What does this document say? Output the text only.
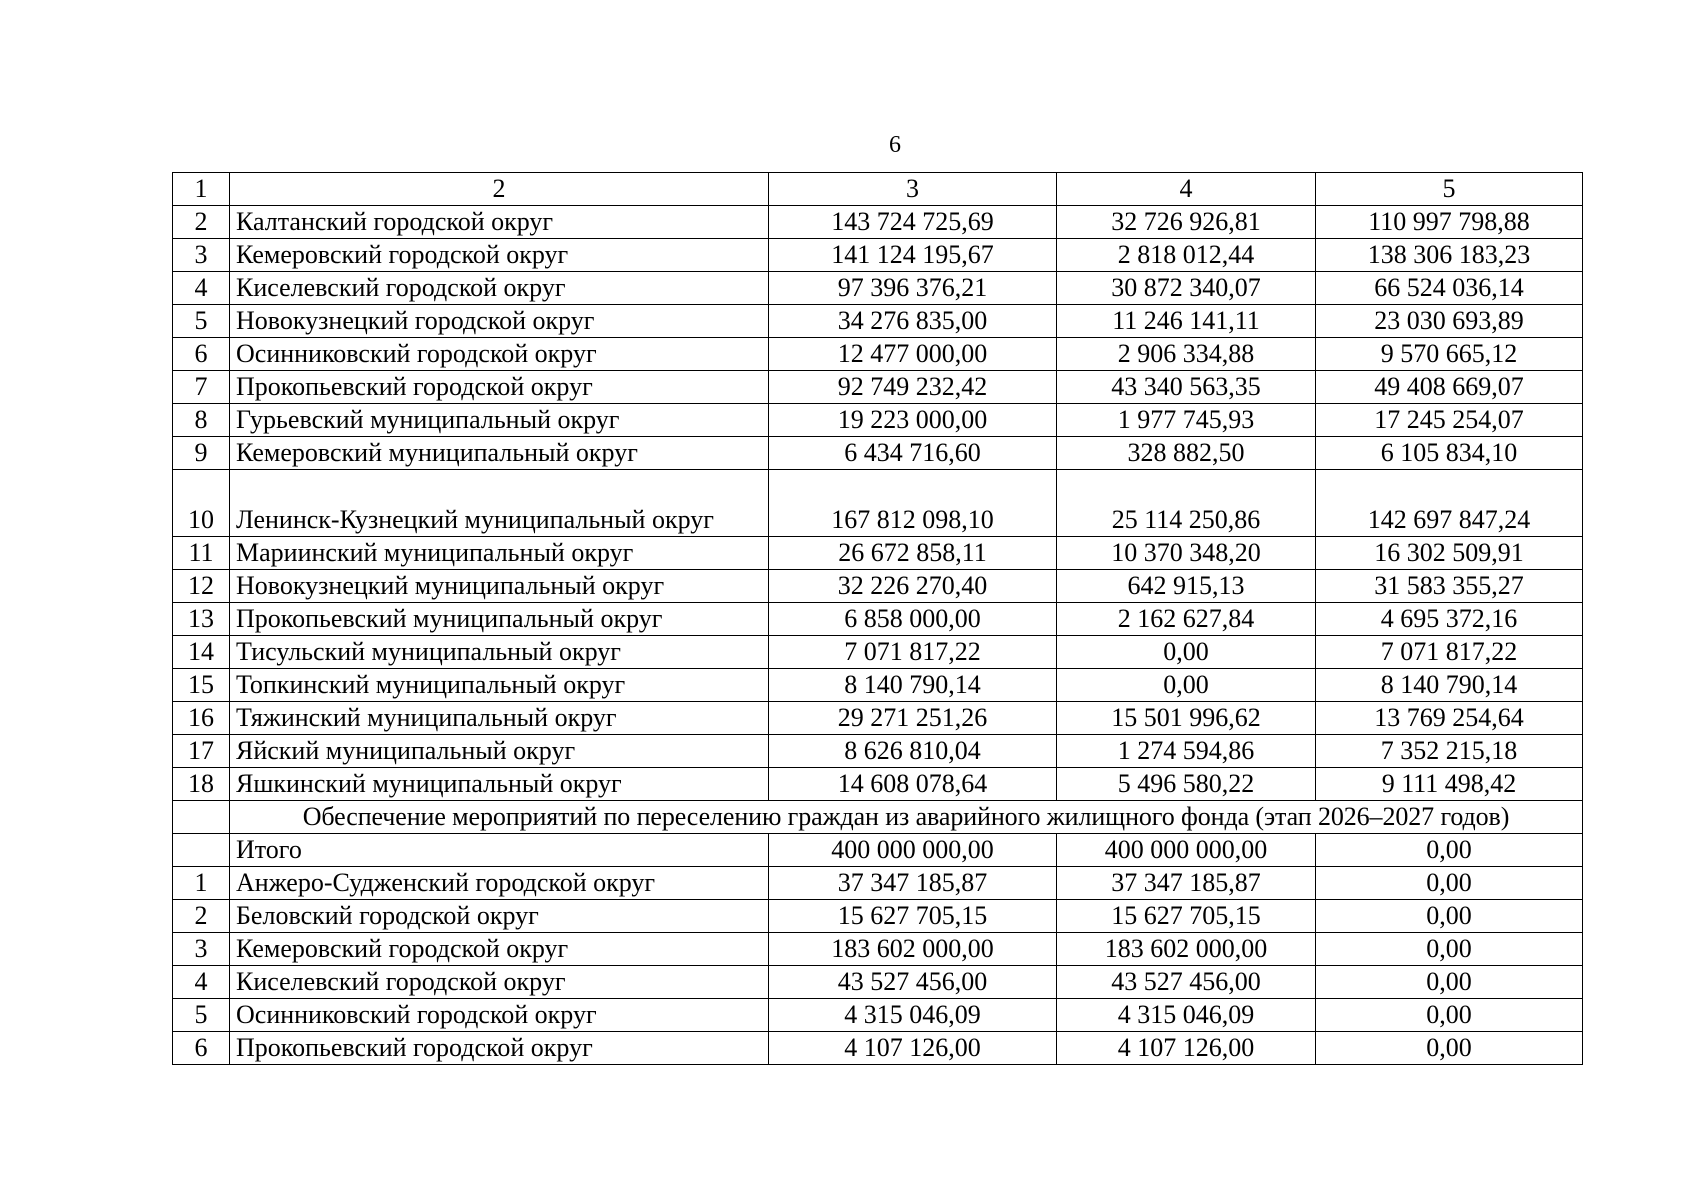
6
1	2	3	4	5
2	Калтанский городской округ	143 724 725,69	32 726 926,81	110 997 798,88
3	Кемеровский городской округ	141 124 195,67	2 818 012,44	138 306 183,23
4	Киселевский городской округ	97 396 376,21	30 872 340,07	66 524 036,14
5	Новокузнецкий городской округ	34 276 835,00	11 246 141,11	23 030 693,89
6	Осинниковский городской округ	12 477 000,00	2 906 334,88	9 570 665,12
7	Прокопьевский городской округ	92 749 232,42	43 340 563,35	49 408 669,07
8	Гурьевский муниципальный округ	19 223 000,00	1 977 745,93	17 245 254,07
9	Кемеровский муниципальный округ	6 434 716,60	328 882,50	6 105 834,10
10	Ленинск-Кузнецкий муниципальный округ	167 812 098,10	25 114 250,86	142 697 847,24
11	Мариинский муниципальный округ	26 672 858,11	10 370 348,20	16 302 509,91
12	Новокузнецкий муниципальный округ	32 226 270,40	642 915,13	31 583 355,27
13	Прокопьевский муниципальный округ	6 858 000,00	2 162 627,84	4 695 372,16
14	Тисульский муниципальный округ	7 071 817,22	0,00	7 071 817,22
15	Топкинский муниципальный округ	8 140 790,14	0,00	8 140 790,14
16	Тяжинский муниципальный округ	29 271 251,26	15 501 996,62	13 769 254,64
17	Яйский муниципальный округ	8 626 810,04	1 274 594,86	7 352 215,18
18	Яшкинский муниципальный округ	14 608 078,64	5 496 580,22	9 111 498,42
	Обеспечение мероприятий по переселению граждан из аварийного жилищного фонда (этап 2026–2027 годов)			
	Итого	400 000 000,00	400 000 000,00	0,00
1	Анжеро-Судженский городской округ	37 347 185,87	37 347 185,87	0,00
2	Беловский городской округ	15 627 705,15	15 627 705,15	0,00
3	Кемеровский городской округ	183 602 000,00	183 602 000,00	0,00
4	Киселевский городской округ	43 527 456,00	43 527 456,00	0,00
5	Осинниковский городской округ	4 315 046,09	4 315 046,09	0,00
6	Прокопьевский городской округ	4 107 126,00	4 107 126,00	0,00
